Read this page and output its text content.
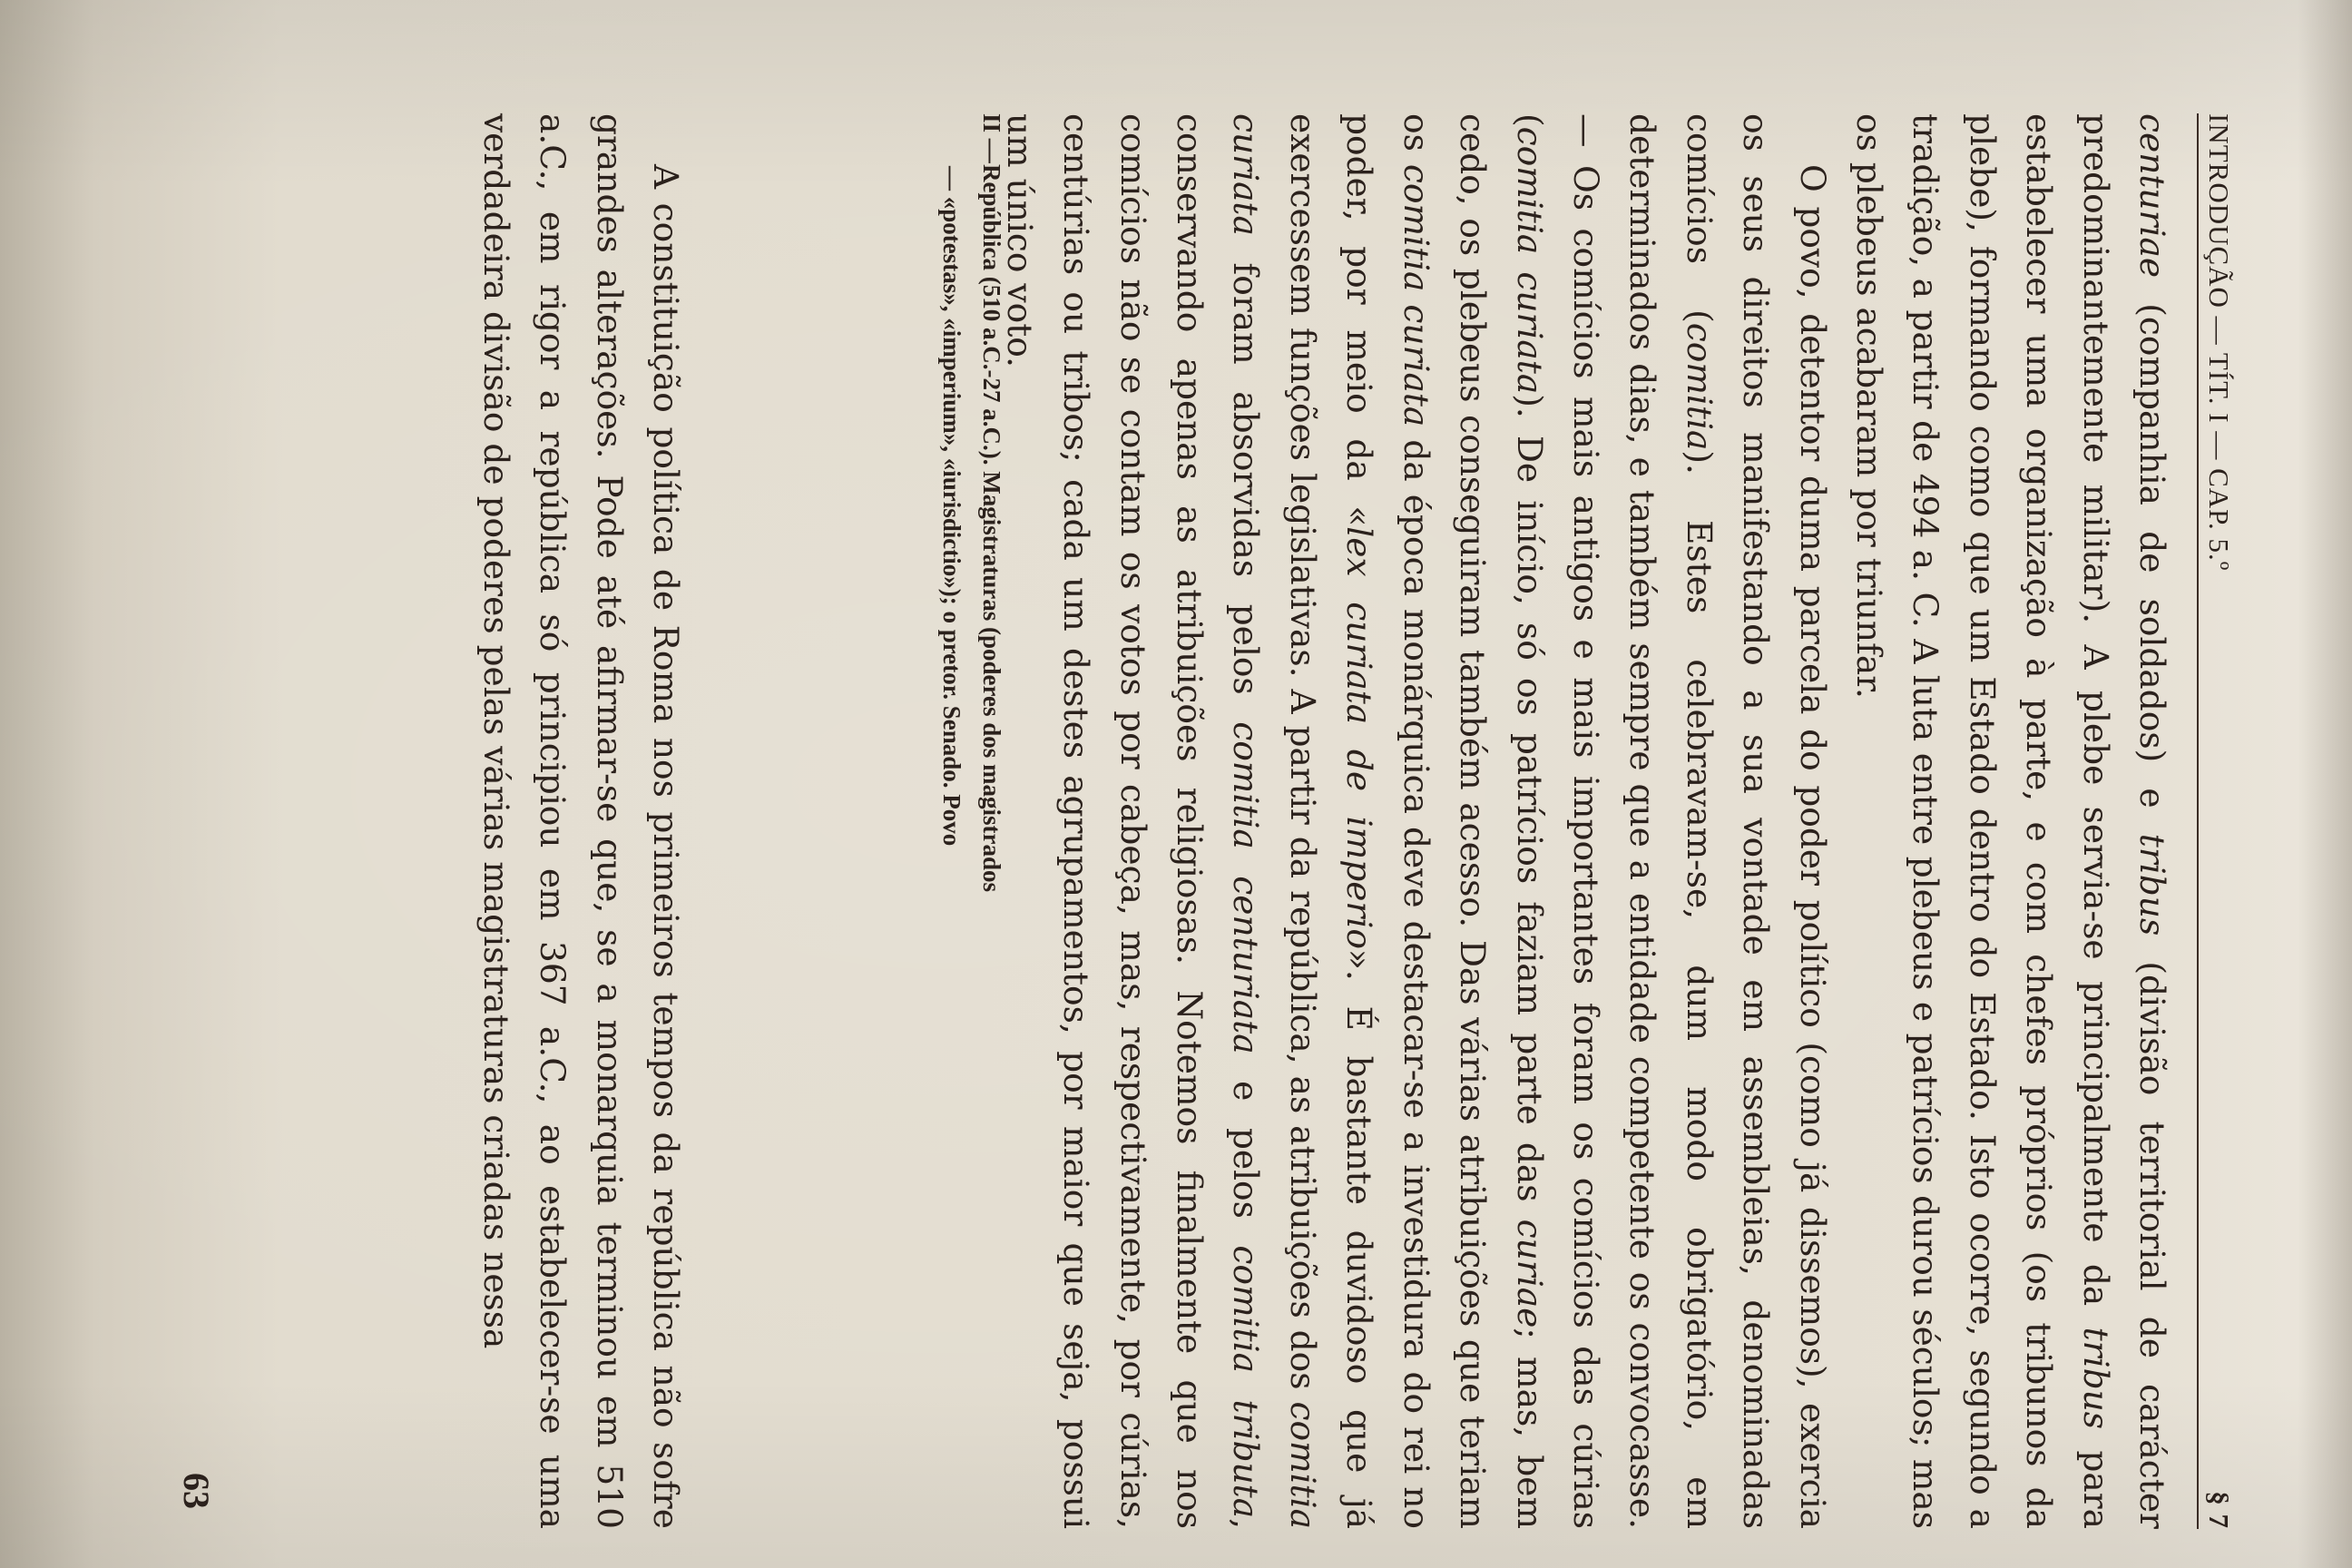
INTRODUÇÃO — TÍT. I — CAP. 5.º
§ 7

centuriae (companhia de soldados) e tribus (divisão territorial de carácter predominantemente militar). A plebe servia-se principalmente da tribus para estabelecer uma organização à parte, e com chefes próprios (os tribunos da plebe), formando como que um Estado dentro do Estado. Isto ocorre, segundo a tradição, a partir de 494 a. C. A luta entre plebeus e patrícios durou séculos; mas os plebeus acabaram por triunfar.

O povo, detentor duma parcela do poder político (como já dissemos), exercia os seus direitos manifestando a sua vontade em assembleias, denominadas comícios (comitia). Estes celebravam-se, dum modo obrigatório, em determinados dias, e também sempre que a entidade competente os convocasse. — Os comícios mais antigos e mais importantes foram os comícios das cúrias (comitia curiata). De início, só os patrícios faziam parte das curiae; mas, bem cedo, os plebeus conseguiram também acesso. Das várias atribuições que teriam os comitia curiata da época monárquica deve destacar-se a investidura do rei no poder, por meio da «lex curiata de imperio». É bastante duvidoso que já exercessem funções legislativas. A partir da república, as atribuições dos comitia curiata foram absorvidas pelos comitia centuriata e pelos comitia tributa, conservando apenas as atribuições religiosas. Notemos finalmente que nos comícios não se contam os votos por cabeça, mas, respectivamente, por cúrias, centúrias ou tribos; cada um destes agrupamentos, por maior que seja, possui um único voto.

II —República (510 a.C.-27 a.C.). Magistraturas (poderes dos magistrados
— «potestas», «imperium», «iurisdictio»); o pretor. Senado. Povo

A constituição política de Roma nos primeiros tempos da república não sofre grandes alterações. Pode até afirmar-se que, se a monarquia terminou em 510 a.C., em rigor a república só principiou em 367 a.C., ao estabelecer-se uma verdadeira divisão de poderes pelas várias magistraturas criadas nessa

63
